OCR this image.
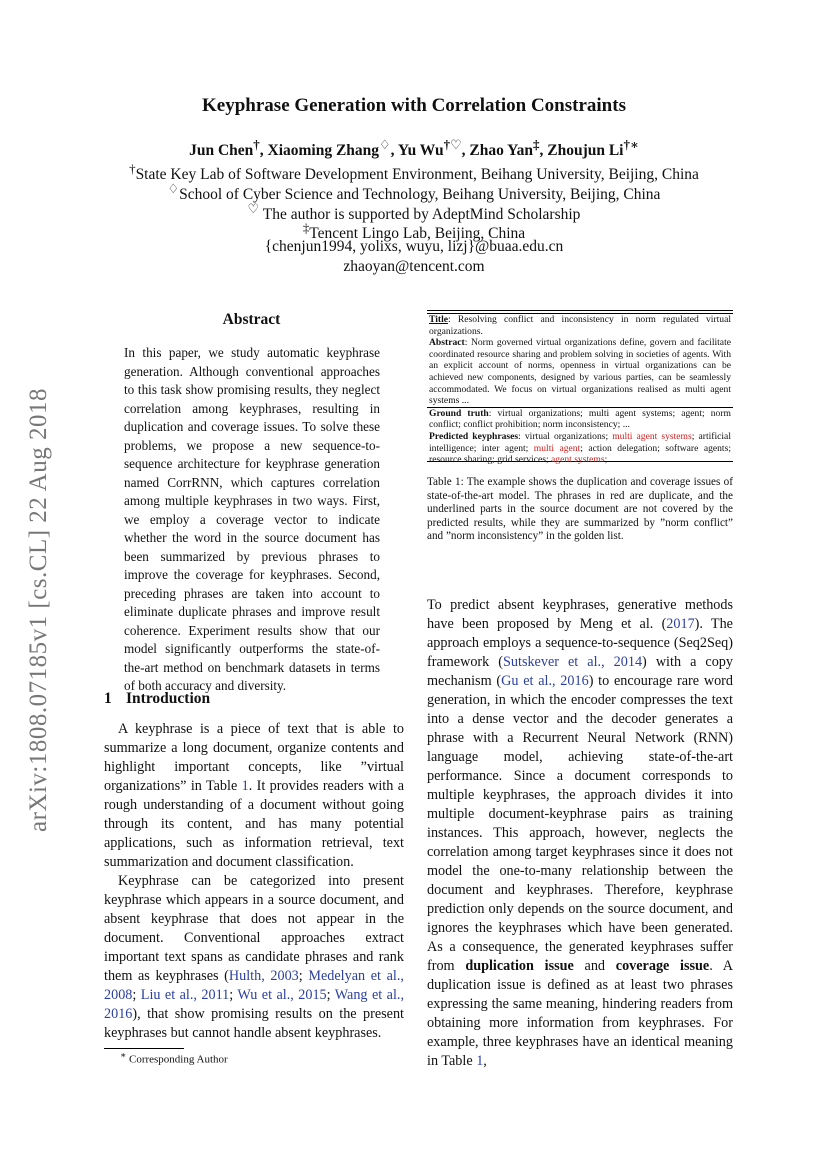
Keyphrase Generation with Correlation Constraints
Jun Chen†, Xiaoming Zhang♢, Yu Wu†♡, Zhao Yan‡, Zhoujun Li†∗
†State Key Lab of Software Development Environment, Beihang University, Beijing, China
♢School of Cyber Science and Technology, Beihang University, Beijing, China
♡ The author is supported by AdeptMind Scholarship
‡Tencent Lingo Lab, Beijing, China
{chenjun1994, yolixs, wuyu, lizj}@buaa.edu.cn
zhaoyan@tencent.com
arXiv:1808.07185v1 [cs.CL] 22 Aug 2018
Abstract
In this paper, we study automatic keyphrase generation. Although conventional approaches to this task show promising results, they neglect correlation among keyphrases, resulting in duplication and coverage issues. To solve these problems, we propose a new sequence-to-sequence architecture for keyphrase generation named CorrRNN, which captures correlation among multiple keyphrases in two ways. First, we employ a coverage vector to indicate whether the word in the source document has been summarized by previous phrases to improve the coverage for keyphrases. Second, preceding phrases are taken into account to eliminate duplicate phrases and improve result coherence. Experiment results show that our model significantly outperforms the state-of-the-art method on benchmark datasets in terms of both accuracy and diversity.
1 Introduction

A keyphrase is a piece of text that is able to summarize a long document, organize contents and highlight important concepts, like ”virtual organizations” in Table 1. It provides readers with a rough understanding of a document without going through its content, and has many potential applications, such as information retrieval, text summarization and document classification.

Keyphrase can be categorized into present keyphrase which appears in a source document, and absent keyphrase that does not appear in the document. Conventional approaches extract important text spans as candidate phrases and rank them as keyphrases (Hulth, 2003; Medelyan et al., 2008; Liu et al., 2011; Wu et al., 2015; Wang et al., 2016), that show promising results on the present keyphrases but cannot handle absent keyphrases.

∗ Corresponding Author
Title: Resolving conflict and inconsistency in norm regulated virtual organizations.
Abstract: Norm governed virtual organizations define, govern and facilitate coordinated resource sharing and problem solving in societies of agents. With an explicit account of norms, openness in virtual organizations can be achieved new components, designed by various parties, can be seamlessly accommodated. We focus on virtual organizations realised as multi agent systems ...
Ground truth: virtual organizations; multi agent systems; agent; norm conflict; conflict prohibition; norm inconsistency; ...
Predicted keyphrases: virtual organizations; multi agent systems; artificial intelligence; inter agent; multi agent; action delegation; software agents; resource sharing; grid services; agent systems;
Table 1: The example shows the duplication and coverage issues of state-of-the-art model. The phrases in red are duplicate, and the underlined parts in the source document are not covered by the predicted results, while they are summarized by ”norm conflict” and ”norm inconsistency” in the golden list.

To predict absent keyphrases, generative methods have been proposed by Meng et al. (2017). The approach employs a sequence-to-sequence (Seq2Seq) framework (Sutskever et al., 2014) with a copy mechanism (Gu et al., 2016) to encourage rare word generation, in which the encoder compresses the text into a dense vector and the decoder generates a phrase with a Recurrent Neural Network (RNN) language model, achieving state-of-the-art performance. Since a document corresponds to multiple keyphrases, the approach divides it into multiple document-keyphrase pairs as training instances. This approach, however, neglects the correlation among target keyphrases since it does not model the one-to-many relationship between the document and keyphrases. Therefore, keyphrase prediction only depends on the source document, and ignores the keyphrases which have been generated. As a consequence, the generated keyphrases suffer from duplication issue and coverage issue. A duplication issue is defined as at least two phrases expressing the same meaning, hindering readers from obtaining more information from keyphrases. For example, three keyphrases have an identical meaning in Table 1,
